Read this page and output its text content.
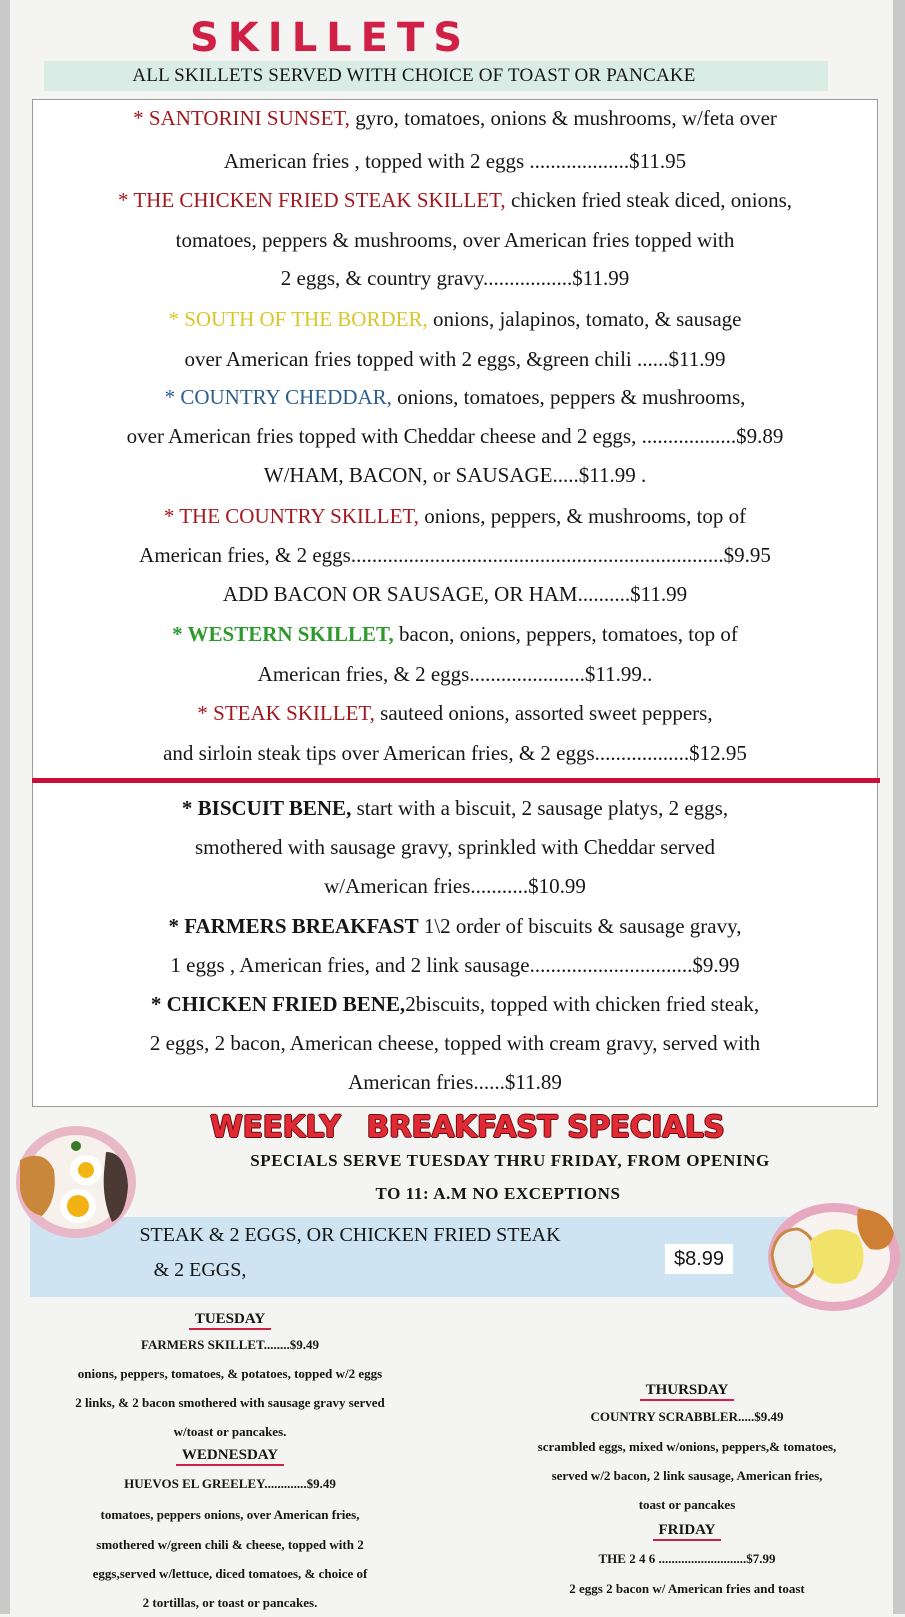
SKILLETS
ALL SKILLETS SERVED WITH CHOICE OF TOAST OR PANCAKE
* SANTORINI SUNSET, gyro, tomatoes, onions & mushrooms, w/feta over
American fries , topped with 2 eggs ...................$11.95
* THE CHICKEN FRIED STEAK SKILLET, chicken fried steak diced, onions,
tomatoes, peppers & mushrooms, over American fries topped with
2 eggs, & country gravy.................$11.99
* SOUTH OF THE BORDER, onions, jalapinos, tomato, & sausage
over American fries topped with 2 eggs, &green chili ......$11.99
* COUNTRY CHEDDAR, onions, tomatoes, peppers & mushrooms,
over American fries topped with Cheddar cheese and 2 eggs, ..................$9.89
W/HAM, BACON, or SAUSAGE.....$11.99 .
* THE COUNTRY SKILLET, onions, peppers, & mushrooms, top of
American fries, & 2 eggs.......................................................................$9.95
ADD BACON OR SAUSAGE, OR HAM..........$11.99
* WESTERN SKILLET, bacon, onions, peppers, tomatoes, top of
American fries, & 2 eggs......................$11.99..
* STEAK SKILLET, sauteed onions, assorted sweet peppers,
and sirloin steak tips over American fries, & 2 eggs..................$12.95
* BISCUIT BENE, start with a biscuit, 2 sausage platys, 2 eggs,
smothered with sausage gravy, sprinkled with Cheddar served
w/American fries...........$10.99
* FARMERS BREAKFAST 1\2 order of biscuits & sausage gravy,
1 eggs , American fries, and 2 link sausage...............................$9.99
* CHICKEN FRIED BENE,2biscuits, topped with chicken fried steak,
2 eggs, 2 bacon, American cheese, topped with cream gravy, served with
American fries......$11.89
WEEKLY BREAKFAST SPECIALS
SPECIALS SERVE TUESDAY THRU FRIDAY, FROM OPENING
TO 11: A.M NO EXCEPTIONS
STEAK & 2 EGGS, OR CHICKEN FRIED STEAK
& 2 EGGS,	$8.99
TUESDAY
FARMERS SKILLET........$9.49
onions, peppers, tomatoes, & potatoes, topped w/2 eggs
2 links, & 2 bacon smothered with sausage gravy served
w/toast or pancakes.
WEDNESDAY
HUEVOS EL GREELEY.............$9.49
tomatoes, peppers onions, over American fries,
smothered w/green chili & cheese, topped with 2
eggs,served w/lettuce, diced tomatoes, & choice of
2 tortillas, or toast or pancakes.
THURSDAY
COUNTRY SCRABBLER.....$9.49
scrambled eggs, mixed w/onions, peppers,& tomatoes,
served w/2 bacon, 2 link sausage, American fries,
toast or pancakes
FRIDAY
THE 2 4 6 ...........................$7.99
2 eggs 2 bacon w/ American fries and toast
